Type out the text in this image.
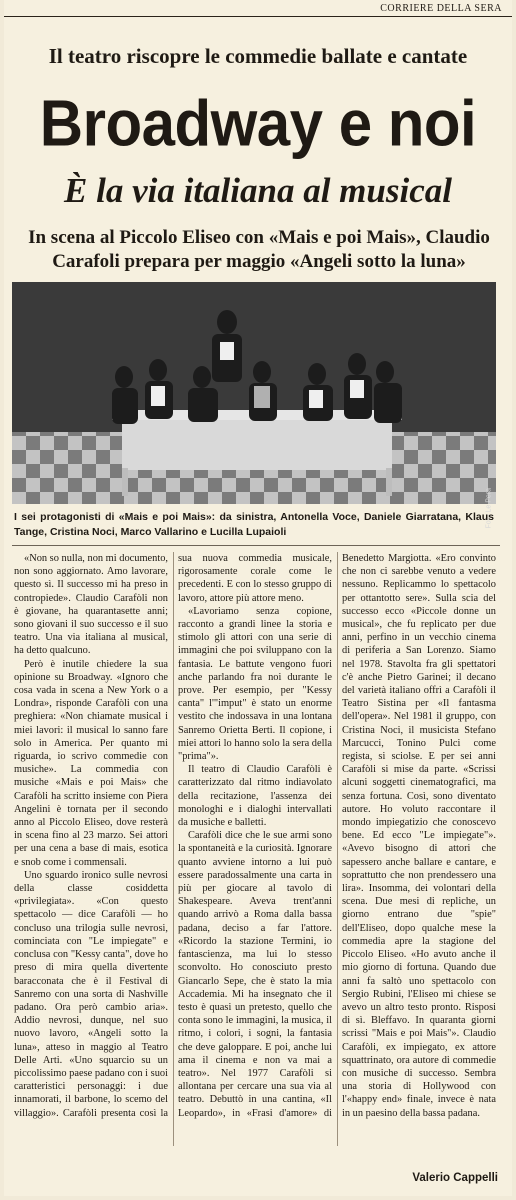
CORRIERE DELLA SERA
Il teatro riscopre le commedie ballate e cantate
Broadway e noi
È la via italiana al musical
In scena al Piccolo Eliseo con «Mais e poi Mais», Claudio Carafoli prepara per maggio «Angeli sotto la luna»
Foto Le Pera
I sei protagonisti di «Mais e poi Mais»: da sinistra, Antonella Voce, Daniele Giarratana, Klaus Tange, Cristina Noci, Marco Vallarino e Lucilla Lupaioli

«Non so nulla, non mi documento, non sono aggiornato. Amo lavorare, questo sì. Il successo mi ha preso in contropiede». Claudio Carafòli non è giovane, ha quarantasette anni; sono giovani il suo successo e il suo teatro. Una via italiana al musical, ha detto qualcuno.

Però è inutile chiedere la sua opinione su Broadway. «Ignoro che cosa vada in scena a New York o a Londra», risponde Carafòli con una preghiera: «Non chiamate musical i miei lavori: il musical lo sanno fare solo in America. Per quanto mi riguarda, io scrivo commedie con musiche». La commedia con musiche «Mais e poi Mais» che Carafòli ha scritto insieme con Piera Angelini è tornata per il secondo anno al Piccolo Eliseo, dove resterà in scena fino al 23 marzo. Sei attori per una cena a base di mais, esotica e snob come i commensali.

Uno sguardo ironico sulle nevrosi della classe cosiddetta «privilegiata». «Con questo spettacolo — dice Carafòli — ho concluso una trilogia sulle nevrosi, cominciata con "Le impiegate" e conclusa con "Kessy canta", dove ho preso di mira quella divertente baracconata che è il Festival di Sanremo con una sorta di Nashville padano. Ora però cambio aria». Addio nevrosi, dunque, nel suo nuovo lavoro, «Angeli sotto la luna», atteso in maggio al Teatro Delle Arti. «Uno squarcio su un piccolissimo paese padano con i suoi caratteristici personaggi: i due innamorati, il barbone, lo scemo del villaggio». Carafòli presenta così la sua nuova commedia musicale, rigorosamente corale come le precedenti. E con lo stesso gruppo di lavoro, attore più attore meno.

«Lavoriamo senza copione, racconto a grandi linee la storia e stimolo gli attori con una serie di immagini che poi sviluppano con la fantasia. Le battute vengono fuori anche parlando fra noi durante le prove. Per esempio, per "Kessy canta" l'"imput" è stato un enorme vestito che indossava in una lontana Sanremo Orietta Berti. Il copione, i miei attori lo hanno solo la sera della "prima"».

Il teatro di Claudio Carafòli è caratterizzato dal ritmo indiavolato della recitazione, l'assenza dei monologhi e i dialoghi intervallati da musiche e balletti.

Carafòli dice che le sue armi sono la spontaneità e la curiosità. Ignorare quanto avviene intorno a lui può essere paradossalmente una carta in più per giocare al tavolo di Shakespeare. Aveva trent'anni quando arrivò a Roma dalla bassa padana, deciso a far l'attore. «Ricordo la stazione Termini, io fantascienza, ma lui lo stesso sconvolto. Ho conosciuto presto Giancarlo Sepe, che è stato la mia Accademia. Mi ha insegnato che il testo è quasi un pretesto, quello che conta sono le immagini, la musica, il ritmo, i colori, i sogni, la fantasia che deve galoppare. E poi, anche lui ama il cinema e non va mai a teatro». Nel 1977 Carafòli si allontana per cercare una sua via al teatro. Debuttò in una cantina, «Il Leopardo», in «Frasi d'amore» di Benedetto Margiotta. «Ero convinto che non ci sarebbe venuto a vedere nessuno. Replicammo lo spettacolo per ottantotto sere». Sulla scia del successo ecco «Piccole donne un musical», che fu replicato per due anni, perfino in un vecchio cinema di periferia a San Lorenzo. Siamo nel 1978. Stavolta fra gli spettatori c'è anche Pietro Garinei; il decano del varietà italiano offrì a Carafòli il Teatro Sistina per «Il fantasma dell'opera». Nel 1981 il gruppo, con Cristina Noci, il musicista Stefano Marcucci, Tonino Pulci come regista, si sciolse. E per sei anni Carafòli si mise da parte. «Scrissi alcuni soggetti cinematografici, ma senza fortuna. Così, sono diventato autore. Ho voluto raccontare il mondo impiegatizio che conoscevo bene. Ed ecco "Le impiegate"». «Avevo bisogno di attori che sapessero anche ballare e cantare, e soprattutto che non prendessero una lira». Insomma, dei volontari della scena. Due mesi di repliche, un giorno entrano due "spie" dell'Eliseo, dopo qualche mese la commedia apre la stagione del Piccolo Eliseo. «Ho avuto anche il mio giorno di fortuna. Quando due anni fa saltò uno spettacolo con Sergio Rubini, l'Eliseo mi chiese se avevo un altro testo pronto. Risposi di sì. Bleffavo. In quaranta giorni scrissi "Mais e poi Mais"». Claudio Carafòli, ex impiegato, ex attore squattrinato, ora autore di commedie con musiche di successo. Sembra una storia di Hollywood con l'«happy end» finale, invece è nata in un paesino della bassa padana.

Valerio Cappelli
